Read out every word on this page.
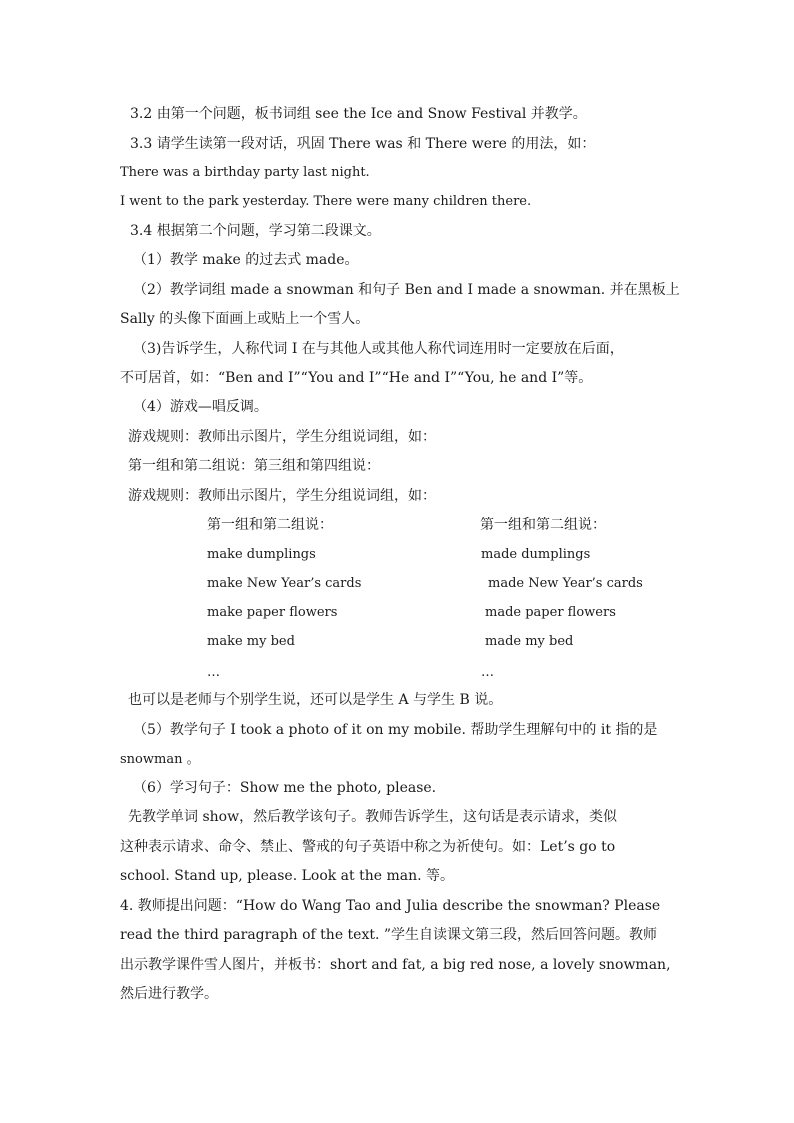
3.2 由第一个问题，板书词组 see the Ice and Snow Festival 并教学。
3.3 请学生读第一段对话，巩固 There was 和 There were 的用法，如：
There was a birthday party last night.
I went to the park yesterday. There were many children there.
3.4 根据第二个问题，学习第二段课文。
（1）教学 make 的过去式 made。
（2）教学词组 made a snowman 和句子 Ben and I made a snowman. 并在黑板上
Sally 的头像下面画上或贴上一个雪人。
（3)告诉学生，人称代词 I 在与其他人或其他人称代词连用时一定要放在后面，
不可居首，如：“Ben and I”“You and I”“He and I”“You, he and I”等。
（4）游戏—唱反调。
游戏规则：教师出示图片，学生分组说词组，如：
第一组和第二组说：第三组和第四组说：
游戏规则：教师出示图片，学生分组说词组，如：
第一组和第二组说：	第一组和第二组说：
make dumplings	made dumplings
make New Year’s cards	made New Year’s cards
make paper flowers	made paper flowers
make my bed	made my bed
…	…
也可以是老师与个别学生说，还可以是学生 A 与学生 B 说。
（5）教学句子 I took a photo of it on my mobile. 帮助学生理解句中的 it 指的是
snowman 。
（6）学习句子：Show me the photo, please.
先教学单词 show，然后教学该句子。教师告诉学生，这句话是表示请求，类似
这种表示请求、命令、禁止、警戒的句子英语中称之为祈使句。如：Let’s go to
school. Stand up, please. Look at the man. 等。
4. 教师提出问题：“How do Wang Tao and Julia describe the snowman? Please
read the third paragraph of the text. ”学生自读课文第三段，然后回答问题。教师
出示教学课件雪人图片，并板书：short and fat, a big red nose, a lovely snowman,
然后进行教学。
